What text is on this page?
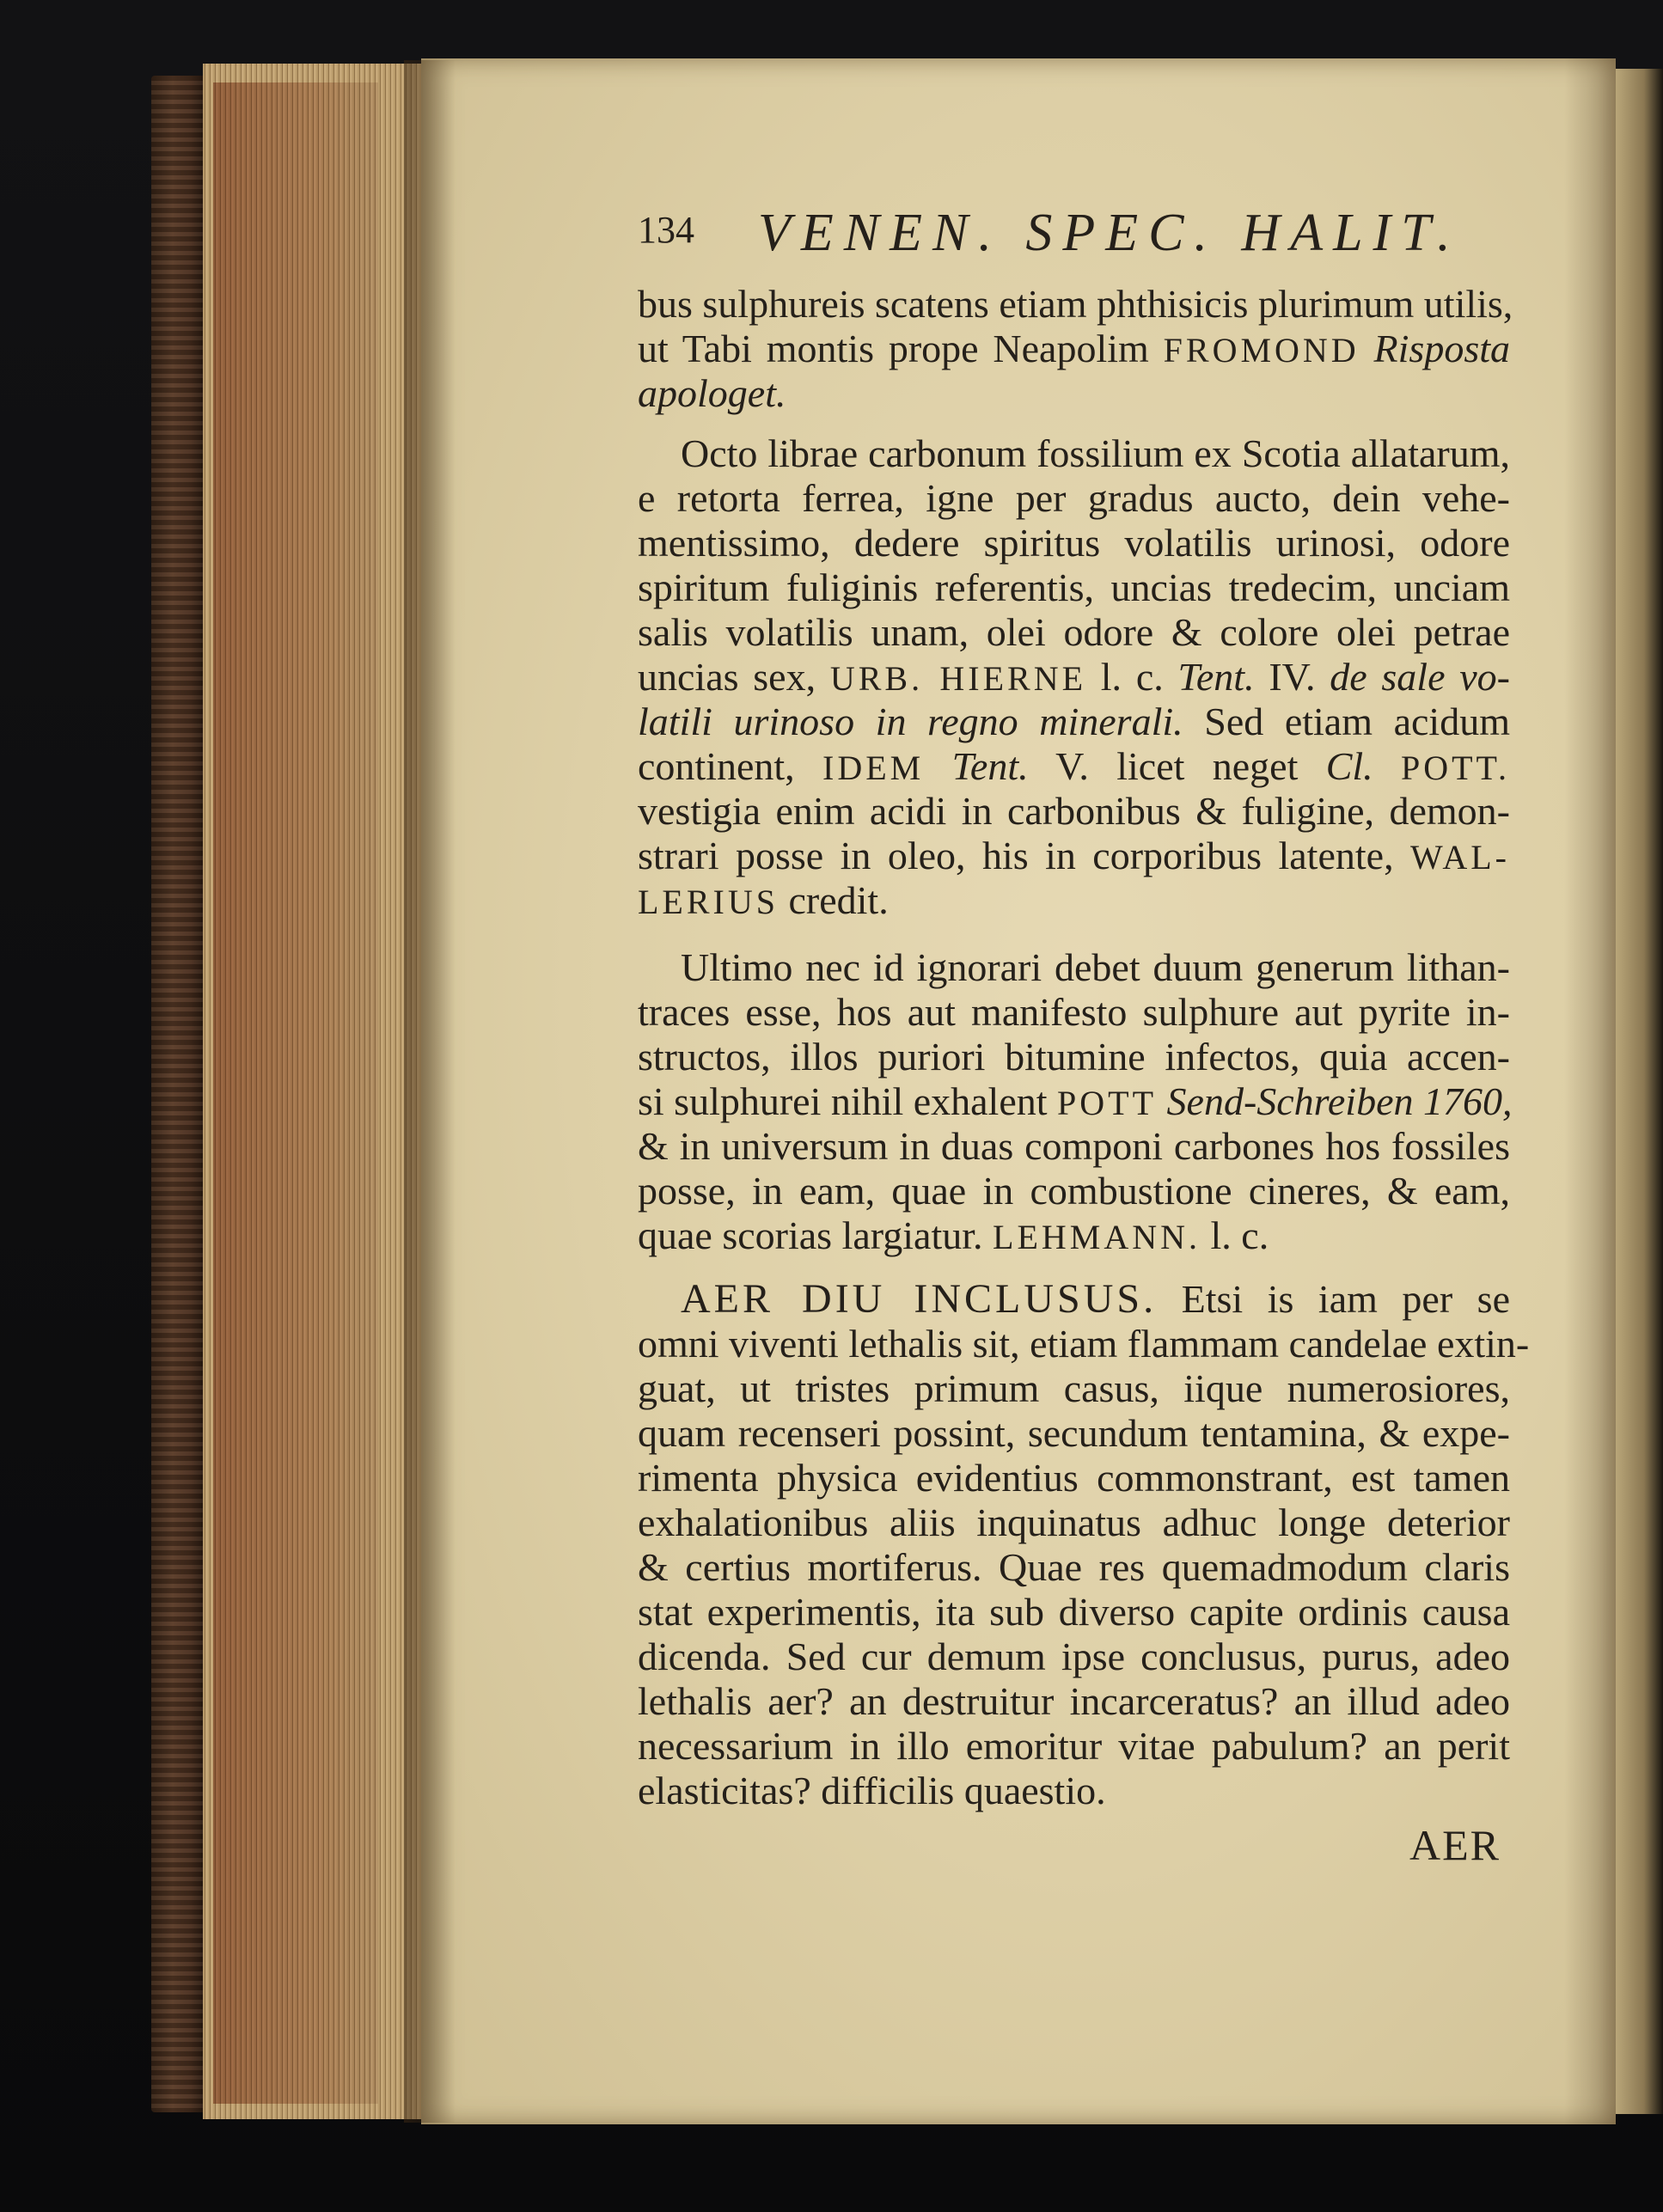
134 VENEN. SPEC. HALIT.
bus sulphureis scatens etiam phthisicis plurimum utilis,
ut Tabi montis prope Neapolim FROMOND Risposta
apologet.
Octo librae carbonum fossilium ex Scotia allatarum,
e retorta ferrea, igne per gradus aucto, dein vehe-
mentissimo, dedere spiritus volatilis urinosi, odore
spiritum fuliginis referentis, uncias tredecim, unciam
salis volatilis unam, olei odore & colore olei petrae
uncias sex, URB. HIERNE l. c. Tent. IV. de sale vo-
latili urinoso in regno minerali. Sed etiam acidum
continent, IDEM Tent. V. licet neget Cl. POTT.
vestigia enim acidi in carbonibus & fuligine, demon-
strari posse in oleo, his in corporibus latente, WAL-
LERIUS credit.
Ultimo nec id ignorari debet duum generum lithan-
traces esse, hos aut manifesto sulphure aut pyrite in-
structos, illos puriori bitumine infectos, quia accen-
si sulphurei nihil exhalent POTT Send-Schreiben 1760,
& in universum in duas componi carbones hos fossiles
posse, in eam, quae in combustione cineres, & eam,
quae scorias largiatur. LEHMANN. l. c.
AER DIU INCLUSUS. Etsi is iam per se
omni viventi lethalis sit, etiam flammam candelae extin-
guat, ut tristes primum casus, iique numerosiores,
quam recenseri possint, secundum tentamina, & expe-
rimenta physica evidentius commonstrant, est tamen
exhalationibus aliis inquinatus adhuc longe deterior
& certius mortiferus. Quae res quemadmodum claris
stat experimentis, ita sub diverso capite ordinis causa
dicenda. Sed cur demum ipse conclusus, purus, adeo
lethalis aer? an destruitur incarceratus? an illud adeo
necessarium in illo emoritur vitae pabulum? an perit
elasticitas? difficilis quaestio.
AER
